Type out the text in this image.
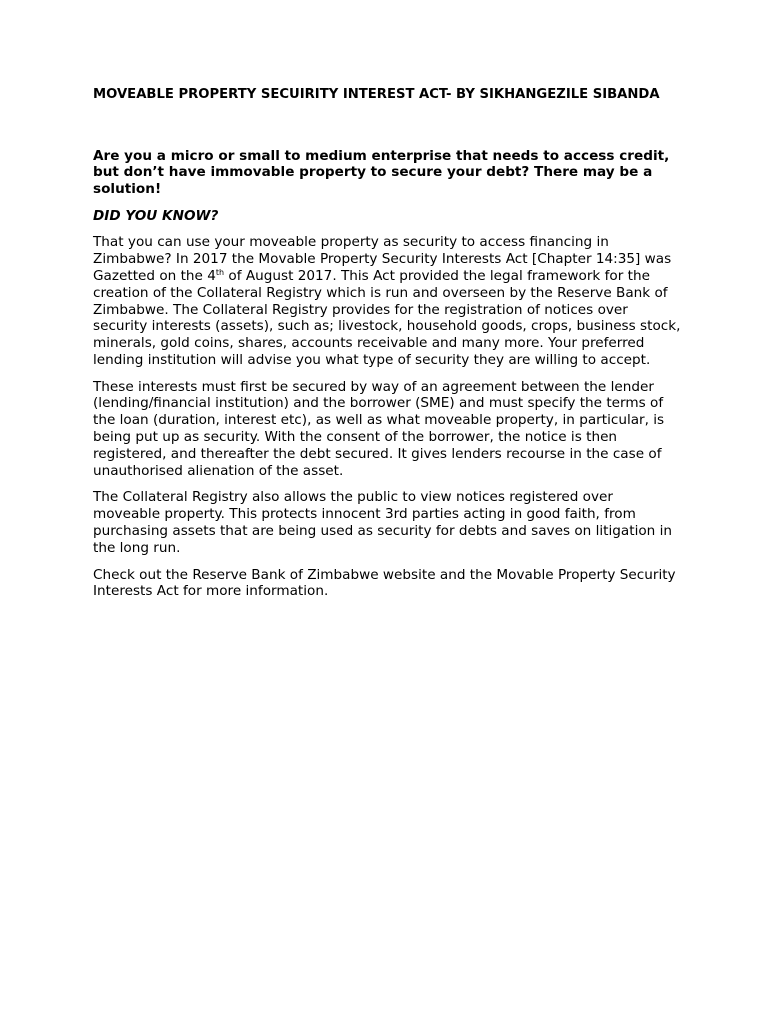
MOVEABLE PROPERTY SECUIRITY INTEREST ACT- BY SIKHANGEZILE SIBANDA

Are you a micro or small to medium enterprise that needs to access credit, but don’t have immovable property to secure your debt? There may be a solution!

DID YOU KNOW?

That you can use your moveable property as security to access financing in Zimbabwe? In 2017 the Movable Property Security Interests Act [Chapter 14:35] was Gazetted on the 4th of August 2017. This Act provided the legal framework for the creation of the Collateral Registry which is run and overseen by the Reserve Bank of Zimbabwe. The Collateral Registry provides for the registration of notices over security interests (assets), such as; livestock, household goods, crops, business stock, minerals, gold coins, shares, accounts receivable and many more. Your preferred lending institution will advise you what type of security they are willing to accept.

These interests must first be secured by way of an agreement between the lender (lending/financial institution) and the borrower (SME) and must specify the terms of the loan (duration, interest etc), as well as what moveable property, in particular, is being put up as security. With the consent of the borrower, the notice is then registered, and thereafter the debt secured. It gives lenders recourse in the case of unauthorised alienation of the asset.

The Collateral Registry also allows the public to view notices registered over moveable property. This protects innocent 3rd parties acting in good faith, from purchasing assets that are being used as security for debts and saves on litigation in the long run.

Check out the Reserve Bank of Zimbabwe website and the Movable Property Security Interests Act for more information.
